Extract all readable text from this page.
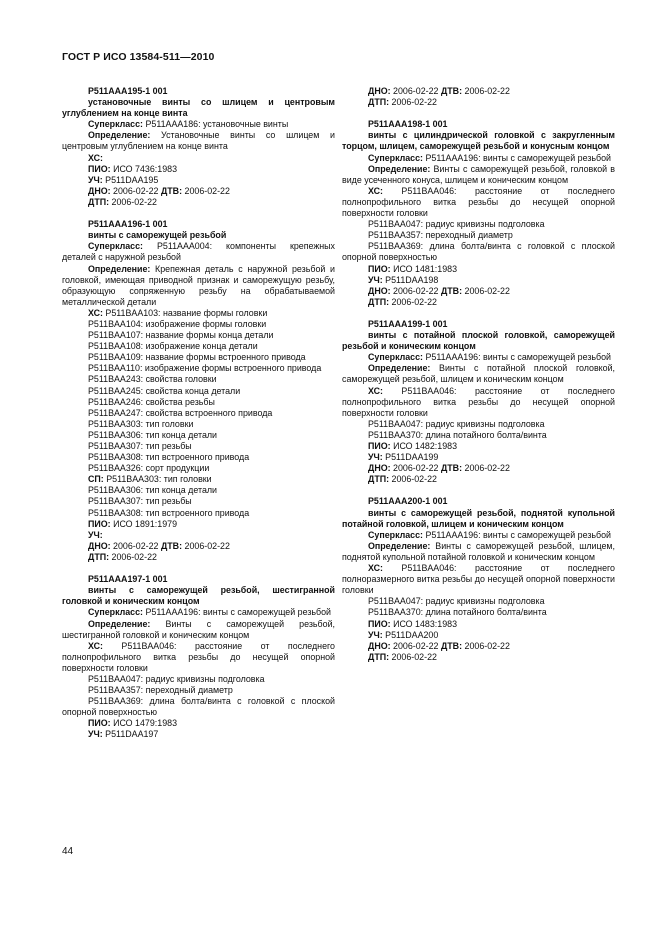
ГОСТ Р ИСО 13584-511—2010
P511AAA195-1 001
установочные винты со шлицем и центровым углублением на конце винта
Суперкласс: P511AAA186: установочные винты
Определение: Установочные винты со шлицем и центровым углублением на конце винта
ХС:
ПИО: ИСО 7436:1983
УЧ: P511DAA195
ДНО: 2006-02-22 ДТВ: 2006-02-22
ДТП: 2006-02-22
P511AAA196-1 001
винты с саморежущей резьбой
Суперкласс: P511AAA004: компоненты крепежных деталей с наружной резьбой
Определение: Крепежная деталь с наружной резьбой и головкой, имеющая приводной признак и саморежущую резьбу, образующую сопряженную резьбу на обрабатываемой металлической детали
ХС: P511BAA103: название формы головки
P511BAA104: изображение формы головки
P511BAA107: название формы конца детали
P511BAA108: изображение конца детали
P511BAA109: название формы встроенного привода
P511BAA110: изображение формы встроенного привода
P511BAA243: свойства головки
P511BAA245: свойства конца детали
P511BAA246: свойства резьбы
P511BAA247: свойства встроенного привода
P511BAA303: тип головки
P511BAA306: тип конца детали
P511BAA307: тип резьбы
P511BAA308: тип встроенного привода
P511BAA326: сорт продукции
СП: P511BAA303: тип головки
P511BAA306: тип конца детали
P511BAA307: тип резьбы
P511BAA308: тип встроенного привода
ПИО: ИСО 1891:1979
УЧ:
ДНО: 2006-02-22 ДТВ: 2006-02-22
ДТП: 2006-02-22
P511AAA197-1 001
винты с саморежущей резьбой, шестигранной головкой и коническим концом
Суперкласс: P511AAA196: винты с саморежущей резьбой
Определение: Винты с саморежущей резьбой, шестигранной головкой и коническим концом
ХС: P511BAA046: расстояние от последнего полнопрофильного витка резьбы до несущей опорной поверхности головки
P511BAA047: радиус кривизны подголовка
P511BAA357: переходный диаметр
P511BAA369: длина болта/винта с головкой с плоской опорной поверхностью
ПИО: ИСО 1479:1983
УЧ: P511DAA197
ДНО: 2006-02-22 ДТВ: 2006-02-22
ДТП: 2006-02-22
P511AAA198-1 001
винты с цилиндрической головкой с закругленным торцом, шлицем, саморежущей резьбой и конусным концом
Суперкласс: P511AAA196: винты с саморежущей резьбой
Определение: Винты с саморежущей резьбой, головкой в виде усеченного конуса, шлицем и коническим концом
ХС: P511BAA046: расстояние от последнего полнопрофильного витка резьбы до несущей опорной поверхности головки
P511BAA047: радиус кривизны подголовка
P511BAA357: переходный диаметр
P511BAA369: длина болта/винта с головкой с плоской опорной поверхностью
ПИО: ИСО 1481:1983
УЧ: P511DAA198
ДНО: 2006-02-22 ДТВ: 2006-02-22
ДТП: 2006-02-22
P511AAA199-1 001
винты с потайной плоской головкой, саморежущей резьбой и коническим концом
Суперкласс: P511AAA196: винты с саморежущей резьбой
Определение: Винты с потайной плоской головкой, саморежущей резьбой, шлицем и коническим концом
ХС: P511BAA046: расстояние от последнего полнопрофильного витка резьбы до несущей опорной поверхности головки
P511BAA047: радиус кривизны подголовка
P511BAA370: длина потайного болта/винта
ПИО: ИСО 1482:1983
УЧ: P511DAA199
ДНО: 2006-02-22 ДТВ: 2006-02-22
ДТП: 2006-02-22
P511AAA200-1 001
винты с саморежущей резьбой, поднятой купольной потайной головкой, шлицем и коническим концом
Суперкласс: P511AAA196: винты с саморежущей резьбой
Определение: Винты с саморежущей резьбой, шлицем, поднятой купольной потайной головкой и коническим концом
ХС: P511BAA046: расстояние от последнего полноразмерного витка резьбы до несущей опорной поверхности головки
P511BAA047: радиус кривизны подголовка
P511BAA370: длина потайного болта/винта
ПИО: ИСО 1483:1983
УЧ: P511DAA200
ДНО: 2006-02-22 ДТВ: 2006-02-22
ДТП: 2006-02-22
44
